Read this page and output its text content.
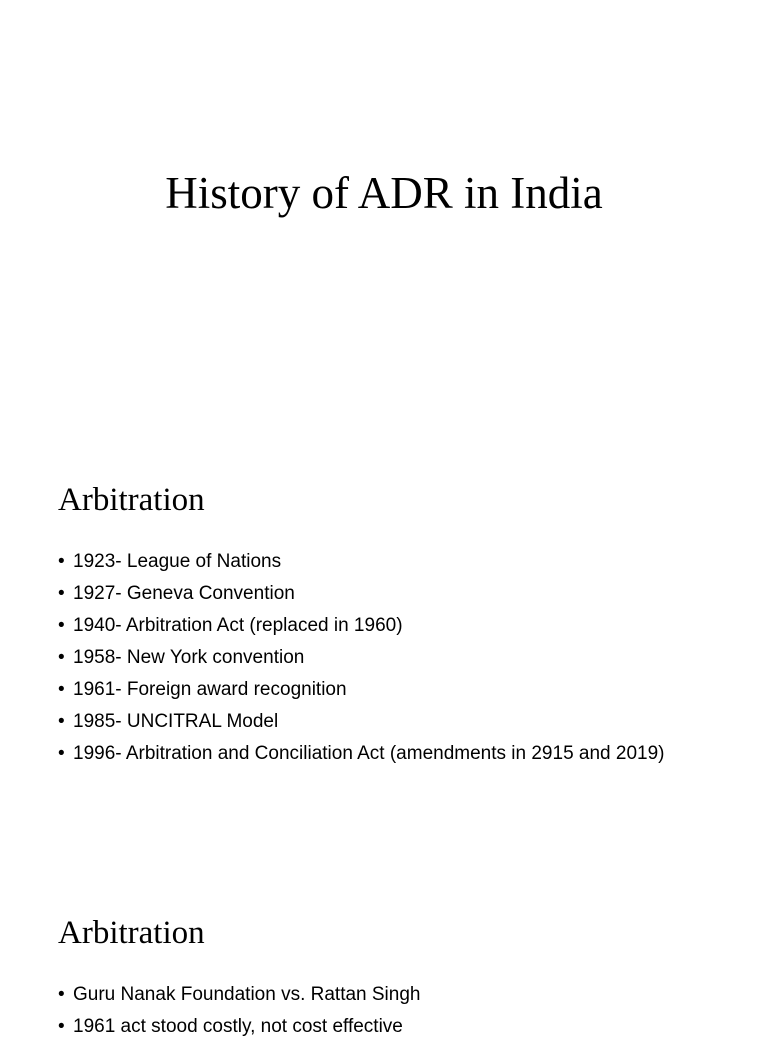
History of ADR in India
Arbitration
• 1923- League of Nations
• 1927- Geneva Convention
• 1940- Arbitration Act (replaced in 1960)
• 1958- New York convention
• 1961- Foreign award recognition
• 1985- UNCITRAL Model
• 1996- Arbitration and Conciliation Act (amendments in 2915 and 2019)
Arbitration
• Guru Nanak Foundation vs. Rattan Singh
• 1961 act stood costly, not cost effective
